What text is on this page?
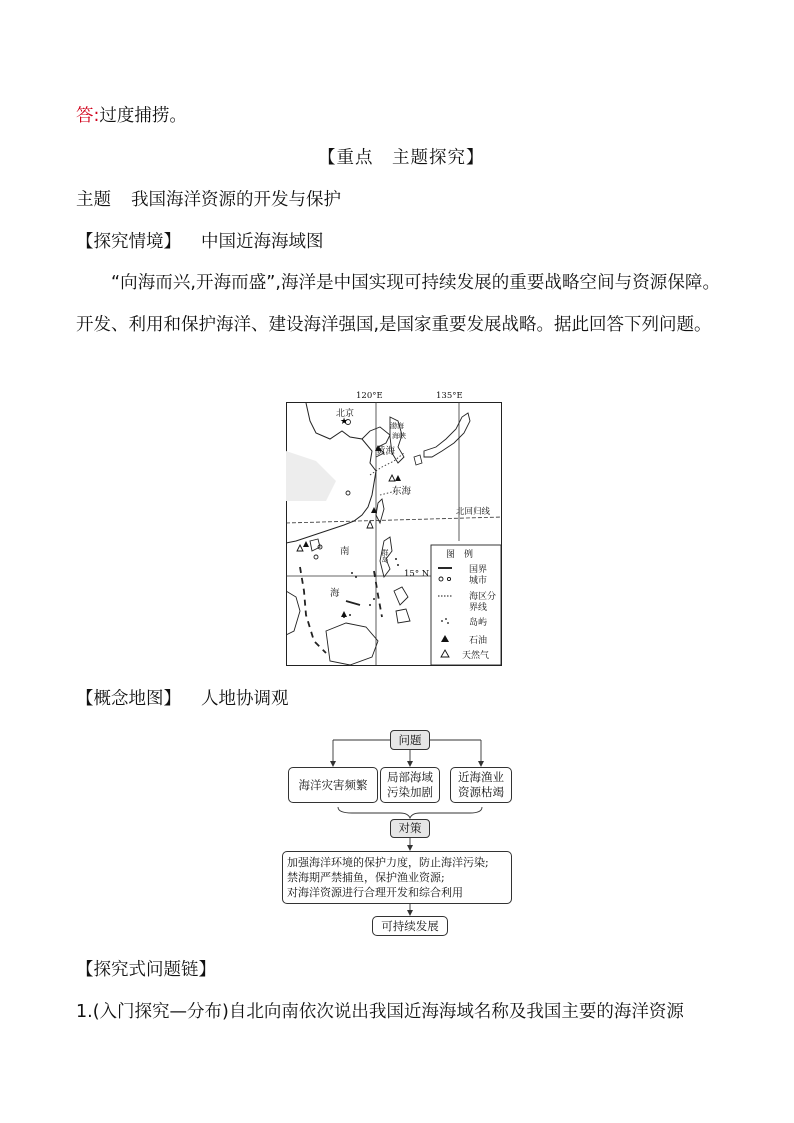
答:过度捕捞。
【重点　主题探究】
主题 我国海洋资源的开发与保护
【探究情境】 中国近海海域图
“向海而兴,开海而盛”,海洋是中国实现可持续发展的重要战略空间与资源保障。开发、利用和保护海洋、建设海洋强国,是国家重要发展战略。据此回答下列问题。
★
120°E	135°E
北京
渤海
海峡
黄海
东海
北回归线
南
海
15° N
群岛	图　例
国界
城市
海区分
界线
岛屿
石油
天然气
【概念地图】 人地协调观
问题
海洋灾害频繁
局部海域
污染加剧
近海渔业
资源枯竭
对策
加强海洋环境的保护力度，防止海洋污染;
禁海期严禁捕鱼，保护渔业资源;
对海洋资源进行合理开发和综合利用
可持续发展
【探究式问题链】
1.(入门探究—分布)自北向南依次说出我国近海海域名称及我国主要的海洋资源
